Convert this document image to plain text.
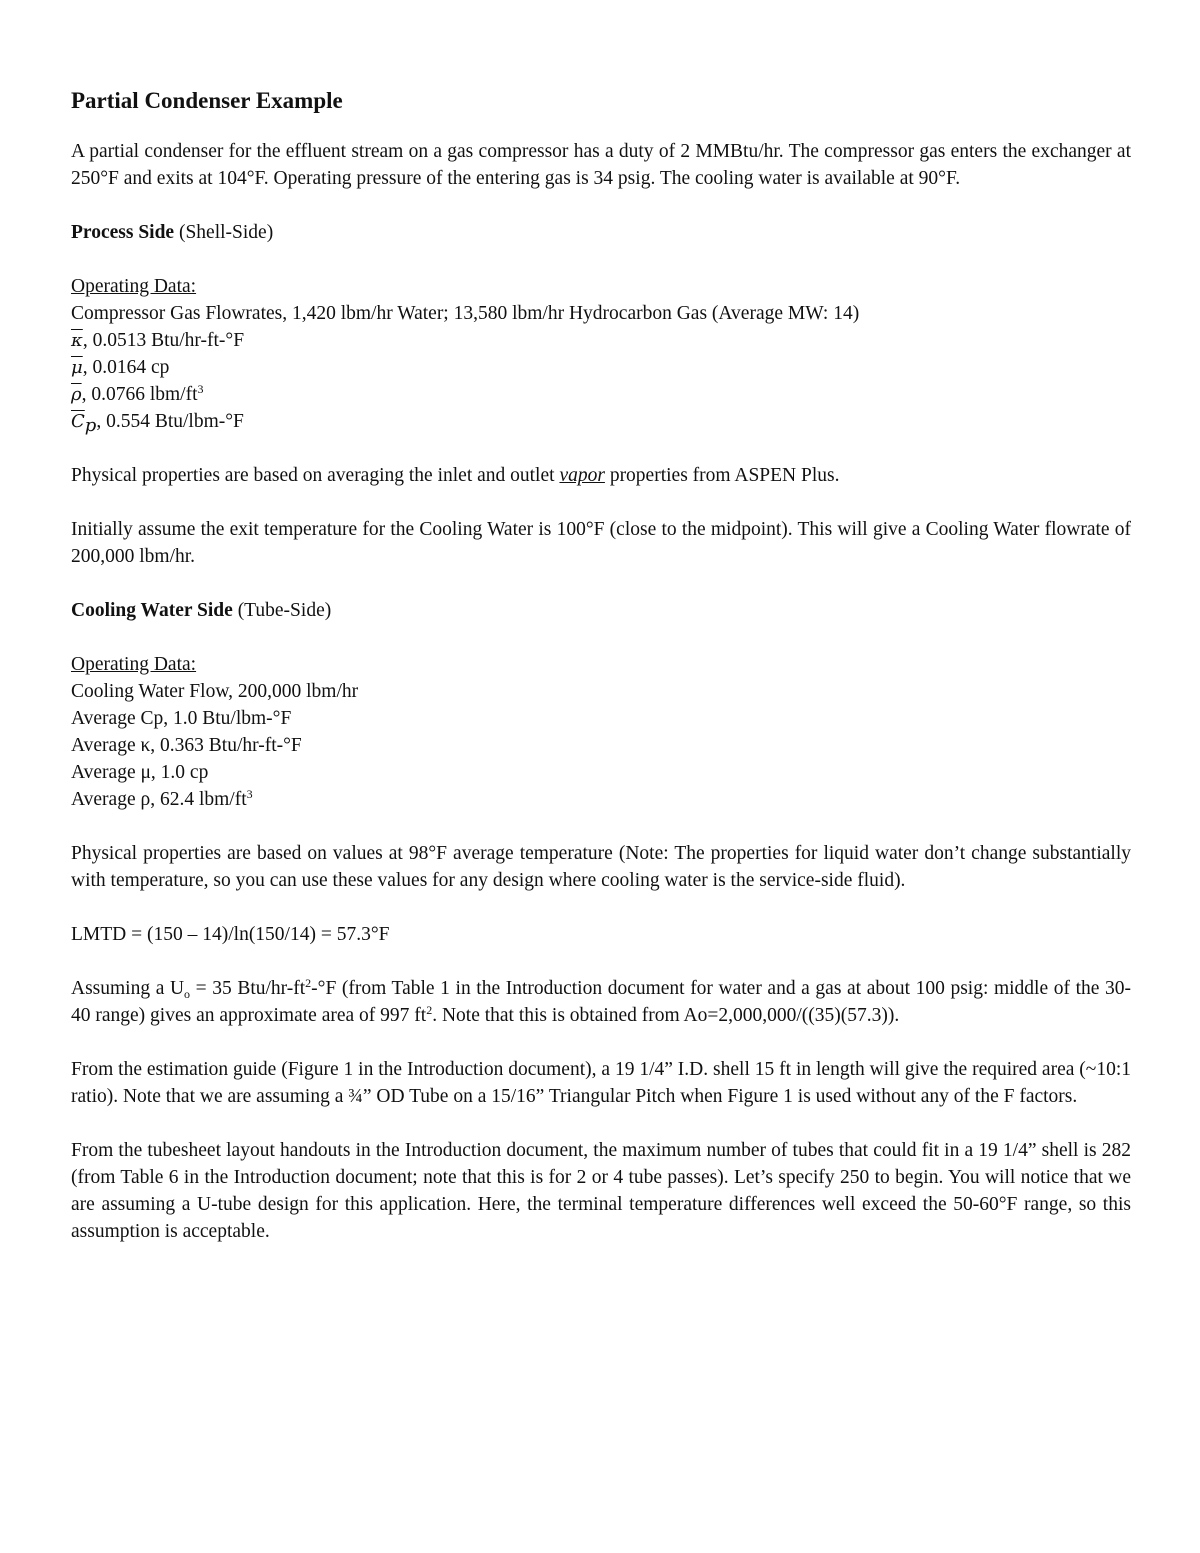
Partial Condenser Example

A partial condenser for the effluent stream on a gas compressor has a duty of 2 MMBtu/hr. The compressor gas enters the exchanger at 250°F and exits at 104°F. Operating pressure of the entering gas is 34 psig. The cooling water is available at 90°F.

Process Side (Shell-Side)

Operating Data:

Compressor Gas Flowrates, 1,420 lbm/hr Water; 13,580 lbm/hr Hydrocarbon Gas (Average MW: 14)

$\overline{\kappa}$, 0.0513 Btu/hr-ft-°F

$\overline{\mu}$, 0.0164 cp

$\overline{\rho}$, 0.0766 lbm/$ft^3$

$\overline{C}_p$, 0.554 Btu/lbm-°F

Physical properties are based on averaging the inlet and outlet vapor properties from ASPEN Plus.

Initially assume the exit temperature for the Cooling Water is 100°F (close to the midpoint). This will give a Cooling Water flowrate of 200,000 lbm/hr.

Cooling Water Side (Tube-Side)

Operating Data:

Cooling Water Flow, 200,000 lbm/hr

Average Cp, 1.0 Btu/lbm-°F

Average κ, 0.363 Btu/hr-ft-°F

Average μ, 1.0 cp

Average ρ, 62.4 lbm/$ft^3$

Physical properties are based on values at 98°F average temperature (Note: The properties for liquid water don’t change substantially with temperature, so you can use these values for any design where cooling water is the service-side fluid).

LMTD = (150 – 14)/ln(150/14) = 57.3°F

Assuming a $U_o = 35$ Btu/$hr-ft^2-^\circ F$ (from Table 1 in the Introduction document for water and a gas at about 100 psig: middle of the 30-40 range) gives an approximate area of 997 $ft^2$. Note that this is obtained from Ao=2,000,000/((35)(57.3)).

From the estimation guide (Figure 1 in the Introduction document), a 19 1/4” I.D. shell 15 ft in length will give the required area (~10:1 ratio). Note that we are assuming a ¾” OD Tube on a 15/16” Triangular Pitch when Figure 1 is used without any of the F factors.

From the tubesheet layout handouts in the Introduction document, the maximum number of tubes that could fit in a 19 1/4” shell is 282 (from Table 6 in the Introduction document; note that this is for 2 or 4 tube passes). Let’s specify 250 to begin. You will notice that we are assuming a U-tube design for this application. Here, the terminal temperature differences well exceed the 50-60°F range, so this assumption is acceptable.
